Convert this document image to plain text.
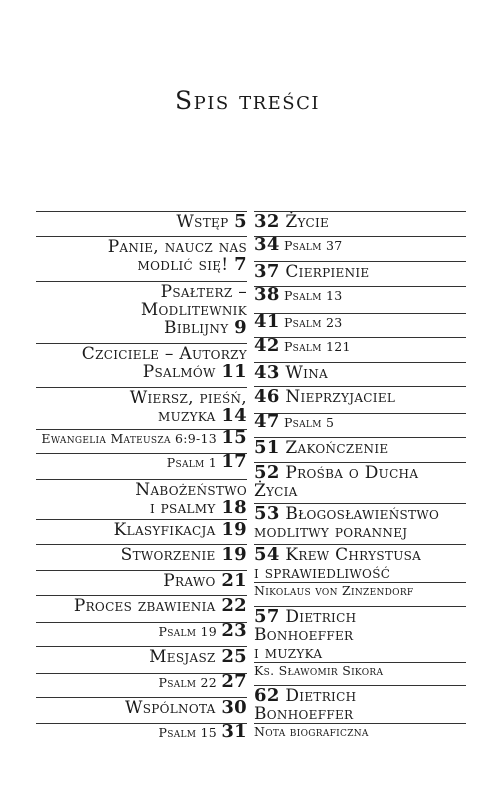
Spis treści
Wstęp 5
Panie, naucz nas
modlić się! 7
Psałterz –
Modlitewnik
Biblijny 9
Czciciele – Autorzy
Psalmów 11
Wiersz, pieśń,
muzyka 14
Ewangelia Mateusza 6:9-13 15
Psalm 1 17
Nabożeństwo
i psalmy 18
Klasyfikacja 19
Stworzenie 19
Prawo 21
Proces zbawienia 22
Psalm 19 23
Mesjasz 25
Psalm 22 27
Wspólnota 30
Psalm 15 31
32 Życie
34 Psalm 37
37 Cierpienie
38 Psalm 13
41 Psalm 23
42 Psalm 121
43 Wina
46 Nieprzyjaciel
47 Psalm 5
51 Zakończenie
52 Prośba o Ducha
Życia
53 Błogosławieństwo
modlitwy porannej
54 Krew Chrystusa
i sprawiedliwość
Nikolaus von Zinzendorf
57 Dietrich
Bonhoeffer
i muzyka
Ks. Sławomir Sikora
62 Dietrich
Bonhoeffer
Nota biograficzna
